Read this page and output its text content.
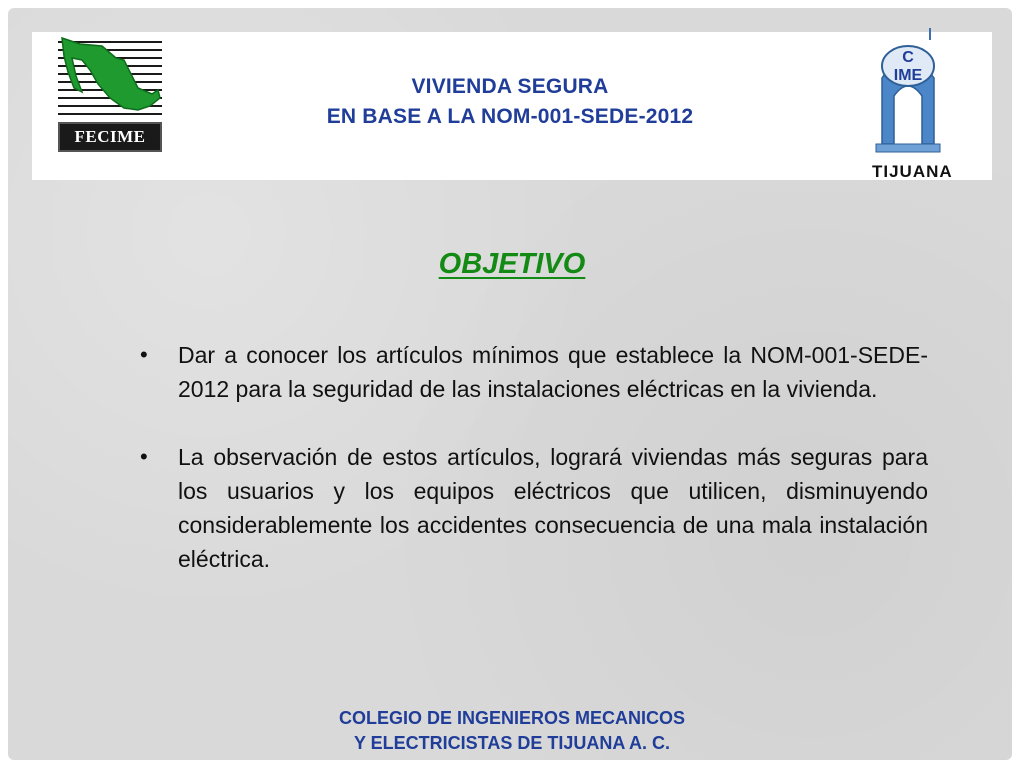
FECIME
VIVIENDA SEGURA
EN BASE A LA NOM-001-SEDE-2012
C
IME
TIJUANA
OBJETIVO
• Dar a conocer los artículos mínimos que establece la NOM-001-SEDE-2012 para la seguridad de las instalaciones eléctricas en la vivienda.
• La observación de estos artículos, logrará viviendas más seguras para los usuarios y los equipos eléctricos que utilicen, disminuyendo considerablemente los accidentes consecuencia de una mala instalación eléctrica.
COLEGIO DE INGENIEROS MECANICOS
Y ELECTRICISTAS DE TIJUANA A. C.
